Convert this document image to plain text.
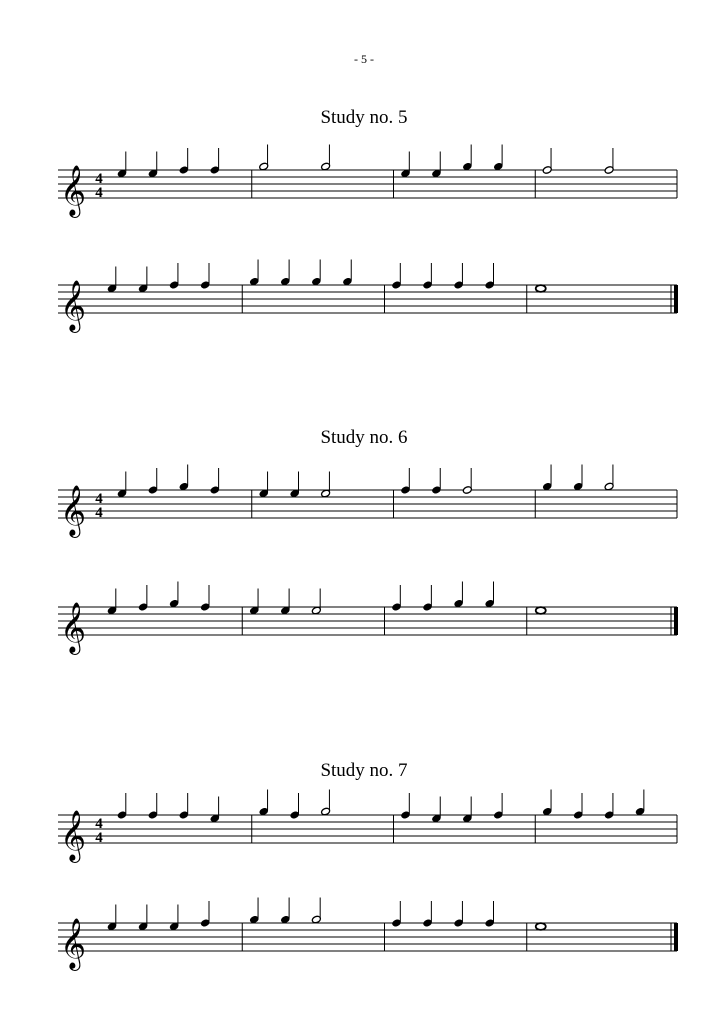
- 5 -
Study no. 5
𝄞 4
4
𝄞
Study no. 6
𝄞 4
4
𝄞
Study no. 7
𝄞 4
4
𝄞
